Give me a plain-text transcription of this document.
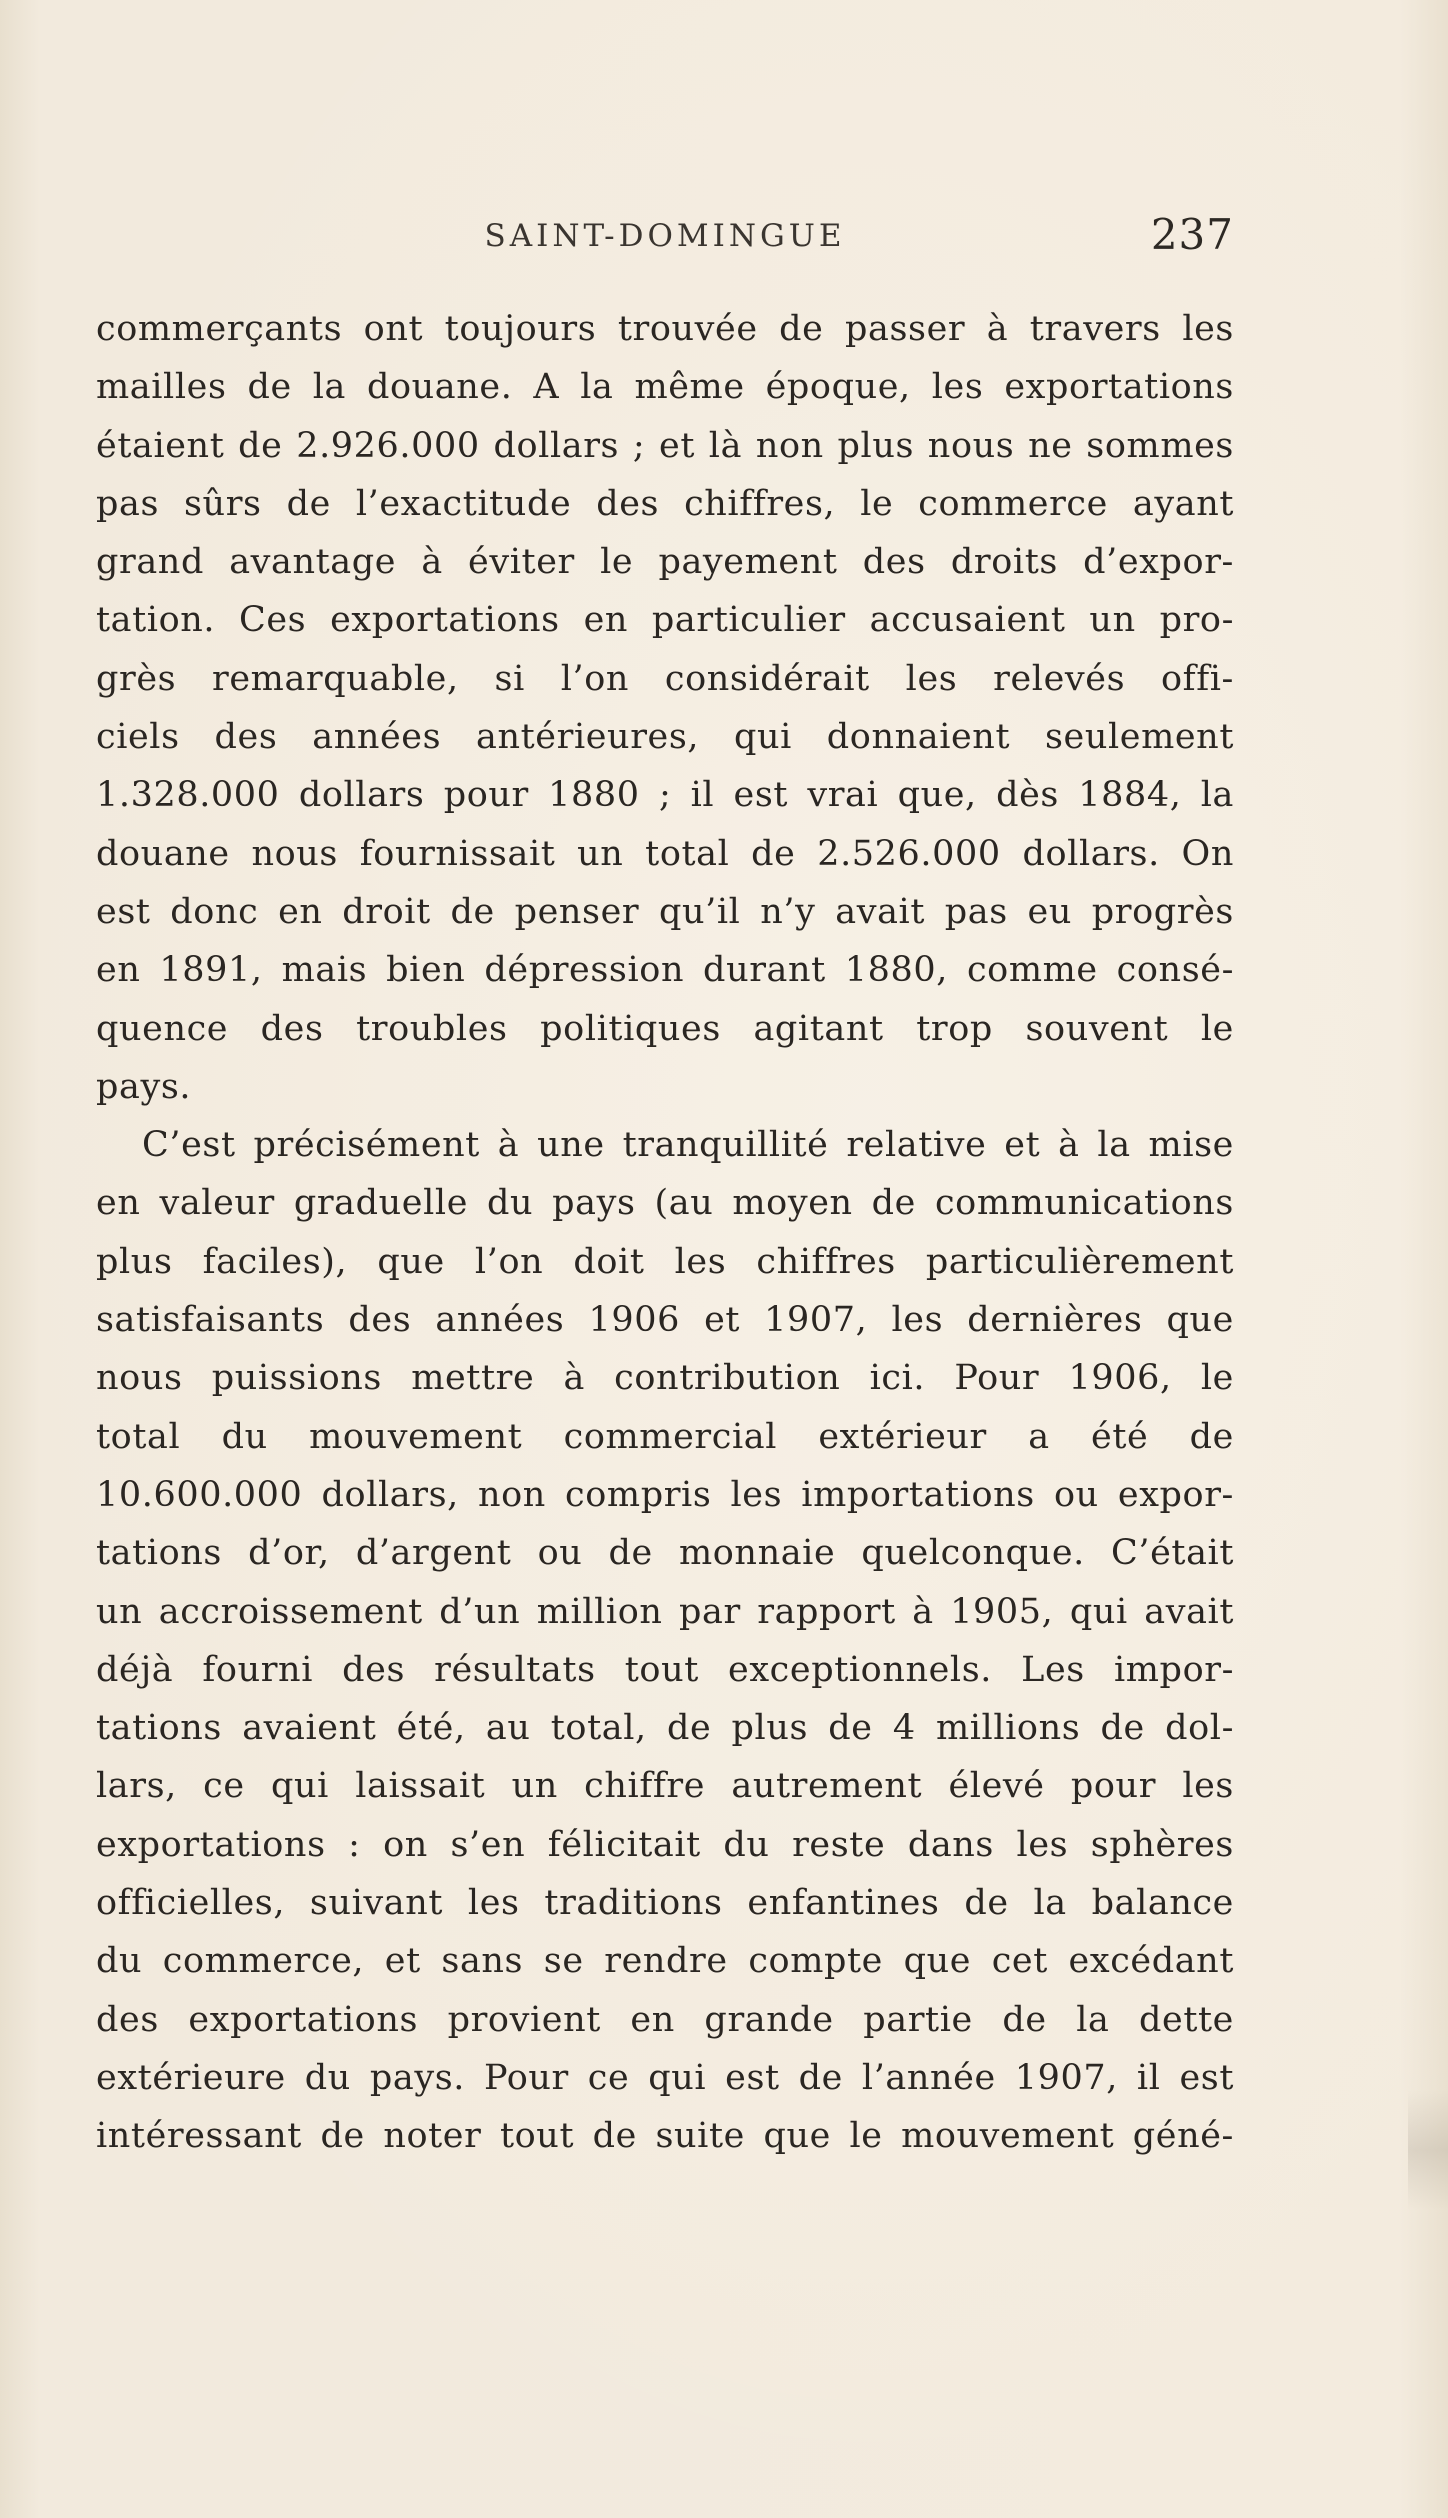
SAINT-DOMINGUE	237
commerçants ont toujours trouvée de passer à travers les
mailles de la douane. A la même époque, les exportations
étaient de 2.926.000 dollars ; et là non plus nous ne sommes
pas sûrs de l’exactitude des chiffres, le commerce ayant
grand avantage à éviter le payement des droits d’expor-
tation. Ces exportations en particulier accusaient un pro-
grès remarquable, si l’on considérait les relevés offi-
ciels des années antérieures, qui donnaient seulement
1.328.000 dollars pour 1880 ; il est vrai que, dès 1884, la
douane nous fournissait un total de 2.526.000 dollars. On
est donc en droit de penser qu’il n’y avait pas eu progrès
en 1891, mais bien dépression durant 1880, comme consé-
quence des troubles politiques agitant trop souvent le
pays.
C’est précisément à une tranquillité relative et à la mise
en valeur graduelle du pays (au moyen de communications
plus faciles), que l’on doit les chiffres particulièrement
satisfaisants des années 1906 et 1907, les dernières que
nous puissions mettre à contribution ici. Pour 1906, le
total du mouvement commercial extérieur a été de
10.600.000 dollars, non compris les importations ou expor-
tations d’or, d’argent ou de monnaie quelconque. C’était
un accroissement d’un million par rapport à 1905, qui avait
déjà fourni des résultats tout exceptionnels. Les impor-
tations avaient été, au total, de plus de 4 millions de dol-
lars, ce qui laissait un chiffre autrement élevé pour les
exportations : on s’en félicitait du reste dans les sphères
officielles, suivant les traditions enfantines de la balance
du commerce, et sans se rendre compte que cet excédant
des exportations provient en grande partie de la dette
extérieure du pays. Pour ce qui est de l’année 1907, il est
intéressant de noter tout de suite que le mouvement géné-
